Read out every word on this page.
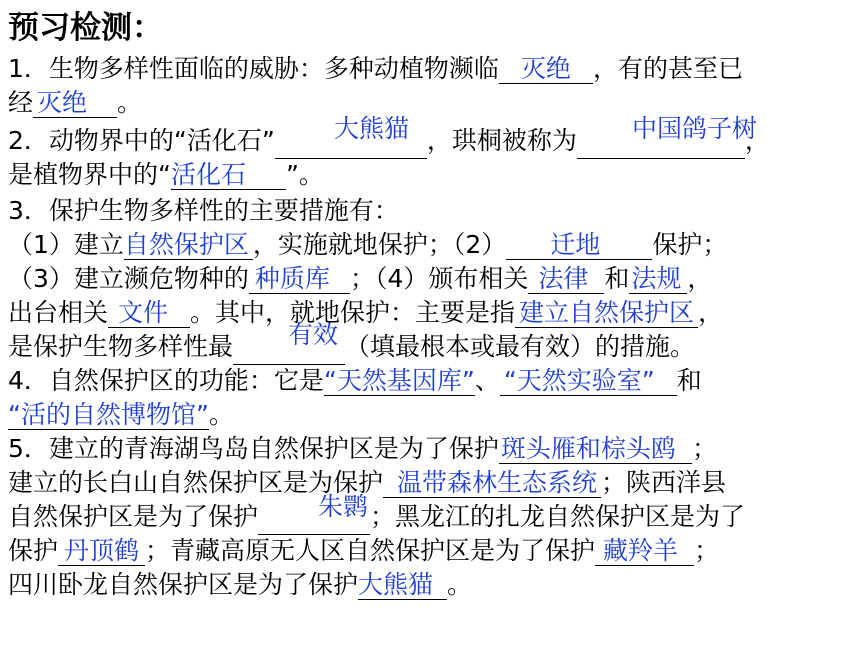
预习检测：
1．生物多样性面临的威胁：多种动植物濒临 灭绝 ，有的甚至已
经 灭绝 。
2．动物界中的“活化石”	，珙桐被称为	，
大熊猫	中国鸽子树
是植物界中的“活化石 ”。
3．保护生物多样性的主要措施有：
（1）建立自然保护区 ，实施就地保护；（2） 迁地 保护；
（3）建立濒危物种的 种质库 ；（4）颁布相关 法律 和法规 ，
出台相关 文件 。其中，就地保护：主要是指 建立自然保护区 ，
是保护生物多样性最	（填最根本或最有效）的措施。
有效
4．自然保护区的功能：它是“天然基因库”、 “天然实验室” 和
“活的自然博物馆”。
5．建立的青海湖鸟岛自然保护区是为了保护斑头雁和棕头鸥 ；
建立的长白山自然保护区是为保护 温带森林生态系统 ；陕西洋县
自然保护区是为了保护	；黑龙江的扎龙自然保护区是为了
朱鹮
保护 丹顶鹤 ；青藏高原无人区自然保护区是为了保护 藏羚羊 ；
四川卧龙自然保护区是为了保护大熊猫 。
